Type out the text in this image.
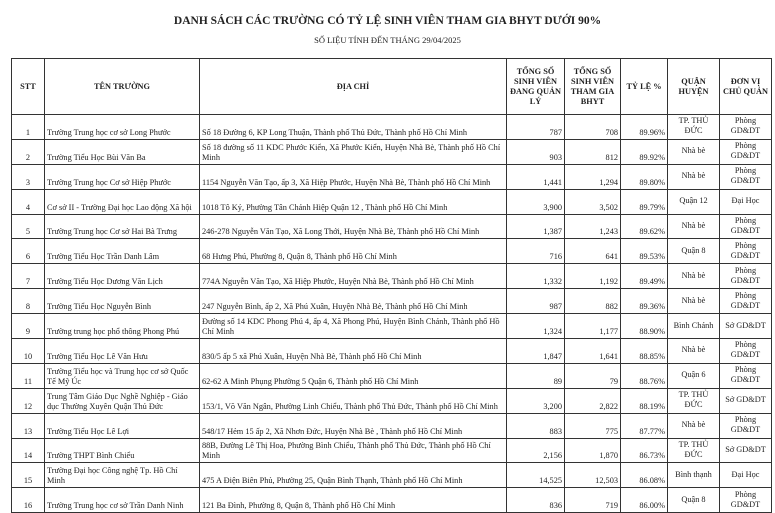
DANH SÁCH CÁC TRƯỜNG CÓ TỶ LỆ SINH VIÊN THAM GIA BHYT DƯỚI 90%
SỐ LIỆU TÍNH ĐẾN THÁNG 29/04/2025
STT	TÊN TRƯỜNG	ĐỊA CHỈ	TỔNG SỐ SINH VIÊN ĐANG QUẢN LÝ	TỔNG SỐ SINH VIÊN THAM GIA BHYT	TỶ LỆ %	QUẬN HUYỆN	ĐƠN VỊ CHỦ QUẢN
1	Trường Trung học cơ sở Long Phước	Số 18 Đường 6, KP Long Thuận, Thành phố Thủ Đức, Thành phố Hồ Chí Minh	787	708	89.96%	TP. THỦ ĐỨC	Phòng GD&DT
2	Trường Tiểu Học Bùi Văn Ba	Số 18 đường số 11 KDC Phước Kiển, Xã Phước Kiển, Huyện Nhà Bè, Thành phố Hồ Chí Minh	903	812	89.92%	Nhà bè	Phòng GD&DT
3	Trường Trung học Cơ sở Hiệp Phước	1154 Nguyễn Văn Tạo, ấp 3, Xã Hiệp Phước, Huyện Nhà Bè, Thành phố Hồ Chí Minh	1,441	1,294	89.80%	Nhà bè	Phòng GD&DT
4	Cơ sở II - Trường Đại học Lao động Xã hội	1018 Tô Ký, Phường Tân Chánh Hiệp Quận 12 , Thành phố Hồ Chí Minh	3,900	3,502	89.79%	Quận 12	Đại Học
5	Trường Trung học Cơ sở Hai Bà Trưng	246-278 Nguyễn Văn Tạo, Xã Long Thới, Huyện Nhà Bè, Thành phố Hồ Chí Minh	1,387	1,243	89.62%	Nhà bè	Phòng GD&DT
6	Trường Tiểu Học Trần Danh Lâm	68 Hưng Phú, Phường 8, Quận 8, Thành phố Hồ Chí Minh	716	641	89.53%	Quận 8	Phòng GD&DT
7	Trường Tiểu Học Dương Văn Lịch	774A Nguyễn Văn Tạo, Xã Hiệp Phước, Huyện Nhà Bè, Thành phố Hồ Chí Minh	1,332	1,192	89.49%	Nhà bè	Phòng GD&DT
8	Trường Tiểu Học Nguyễn Bình	247 Nguyễn Bình, ấp 2, Xã Phú Xuân, Huyện Nhà Bè, Thành phố Hồ Chí Minh	987	882	89.36%	Nhà bè	Phòng GD&DT
9	Trường trung học phổ thông Phong Phú	Đường số 14 KDC Phong Phú 4, ấp 4, Xã Phong Phú, Huyện Bình Chánh, Thành phố Hồ Chí Minh	1,324	1,177	88.90%	Bình Chánh	Sở GD&DT
10	Trường Tiểu Học Lê Văn Hưu	830/5 ấp 5 xã Phú Xuân, Huyện Nhà Bè, Thành phố Hồ Chí Minh	1,847	1,641	88.85%	Nhà bè	Phòng GD&DT
11	Trường Tiểu học và Trung học cơ sở Quốc Tế Mỹ Úc	62-62 A Minh Phụng Phường 5 Quận 6, Thành phố Hồ Chí Minh	89	79	88.76%	Quận 6	Phòng GD&DT
12	Trung Tâm Giáo Dục Nghề Nghiệp - Giáo dục Thường Xuyên Quận Thủ Đức	153/1, Võ Văn Ngân, Phường Linh Chiểu, Thành phố Thủ Đức, Thành phố Hồ Chí Minh	3,200	2,822	88.19%	TP. THỦ ĐỨC	Sở GD&DT
13	Trường Tiểu Học Lê Lợi	548/17 Hẻm 15 ấp 2, Xã Nhơn Đức, Huyện Nhà Bè , Thành phố Hồ Chí Minh	883	775	87.77%	Nhà bè	Phòng GD&DT
14	Trường THPT Bình Chiểu	88B, Đường Lê Thị Hoa, Phường Bình Chiểu, Thành phố Thủ Đức, Thành phố Hồ Chí Minh	2,156	1,870	86.73%	TP. THỦ ĐỨC	Sở GD&DT
15	Trường Đại học Công nghệ Tp. Hồ Chí Minh	475 A Điện Biên Phủ, Phường 25, Quận Bình Thạnh, Thành phố Hồ Chí Minh	14,525	12,503	86.08%	Bình thạnh	Đại Học
16	Trường Trung học cơ sở Trần Danh Ninh	121 Ba Đình, Phường 8, Quận 8, Thành phố Hồ Chí Minh	836	719	86.00%	Quận 8	Phòng GD&DT
